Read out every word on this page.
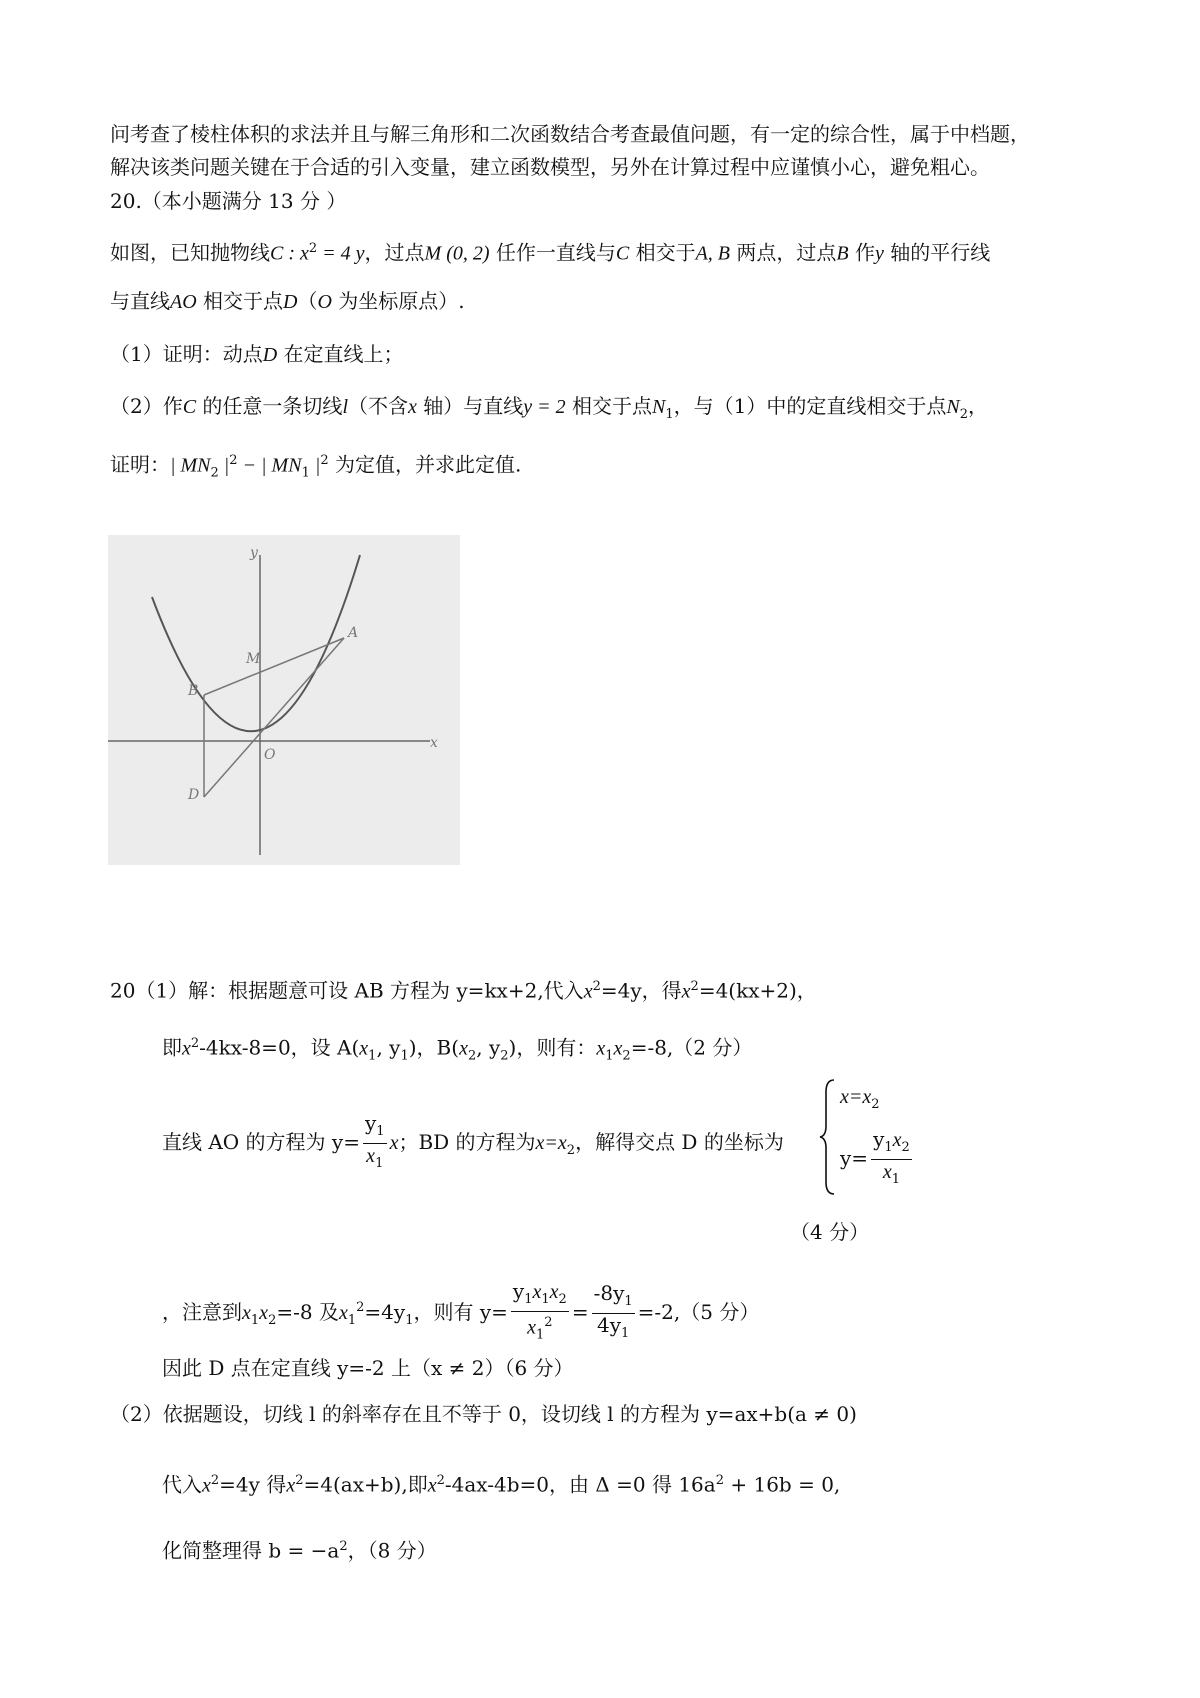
问考查了棱柱体积的求法并且与解三角形和二次函数结合考查最值问题，有一定的综合性，属于中档题，
解决该类问题关键在于合适的引入变量，建立函数模型，另外在计算过程中应谨慎小心，避免粗心。
20.（本小题满分 13 分 ）
如图，已知抛物线C : $x^2 = 4$ y，过点M (0, 2) 任作一直线与C 相交于A, B 两点，过点B 作y 轴的平行线
与直线AO 相交于点D（O 为坐标原点）.
（1）证明：动点D 在定直线上；
（2）作C 的任意一条切线l（不含x 轴）与直线y = 2 相交于点$N_1$，与（1）中的定直线相交于点$N_2$，
证明：| $MN_2$ $|^2$ − | $MN_1$ $|^2$ 为定值，并求此定值.
y
x
A
B
M
O
D
20（1）解：根据题意可设 AB 方程为 y=kx+2,代入$x^2=4y$，得$x^2=4(kx+2)$，
即$x^2-4kx-8=0$，设 $A(x_1$, $y_1$)，$B(x_2$, $y_2$)，则有：$x_1x_2=-8,(2$ 分）
直线 AO 的方程为 $y= \frac{y_1}{x_1}$ x；BD 的方程为$x=x_2$，解得交点 D 的坐标为
$x=x_2$
$y= \frac{y_1x_2}{x_1}$
（4 分）
，注意到$x_1x_2=-8$ 及$x_1^2=4y_1$，则有 $y= \frac{y_1x_1x_2}{x_1^2} = \frac{-8y_1}{4y_1} =-2,(5$ 分）
因此 D 点在定直线 y=-2 上（x ≠ 2）（6 分）
（2）依据题设，切线 l 的斜率存在且不等于 0，设切线 l 的方程为 y=ax+b(a ≠ 0)
代入$x^2=4y$ 得$x^2=4(ax+b)$,即$x^2-4ax-4b=0$，由 Δ =0 得 $16a^2 + 16b = 0$,
化简整理得 $b = -a^2$，（8 分）
